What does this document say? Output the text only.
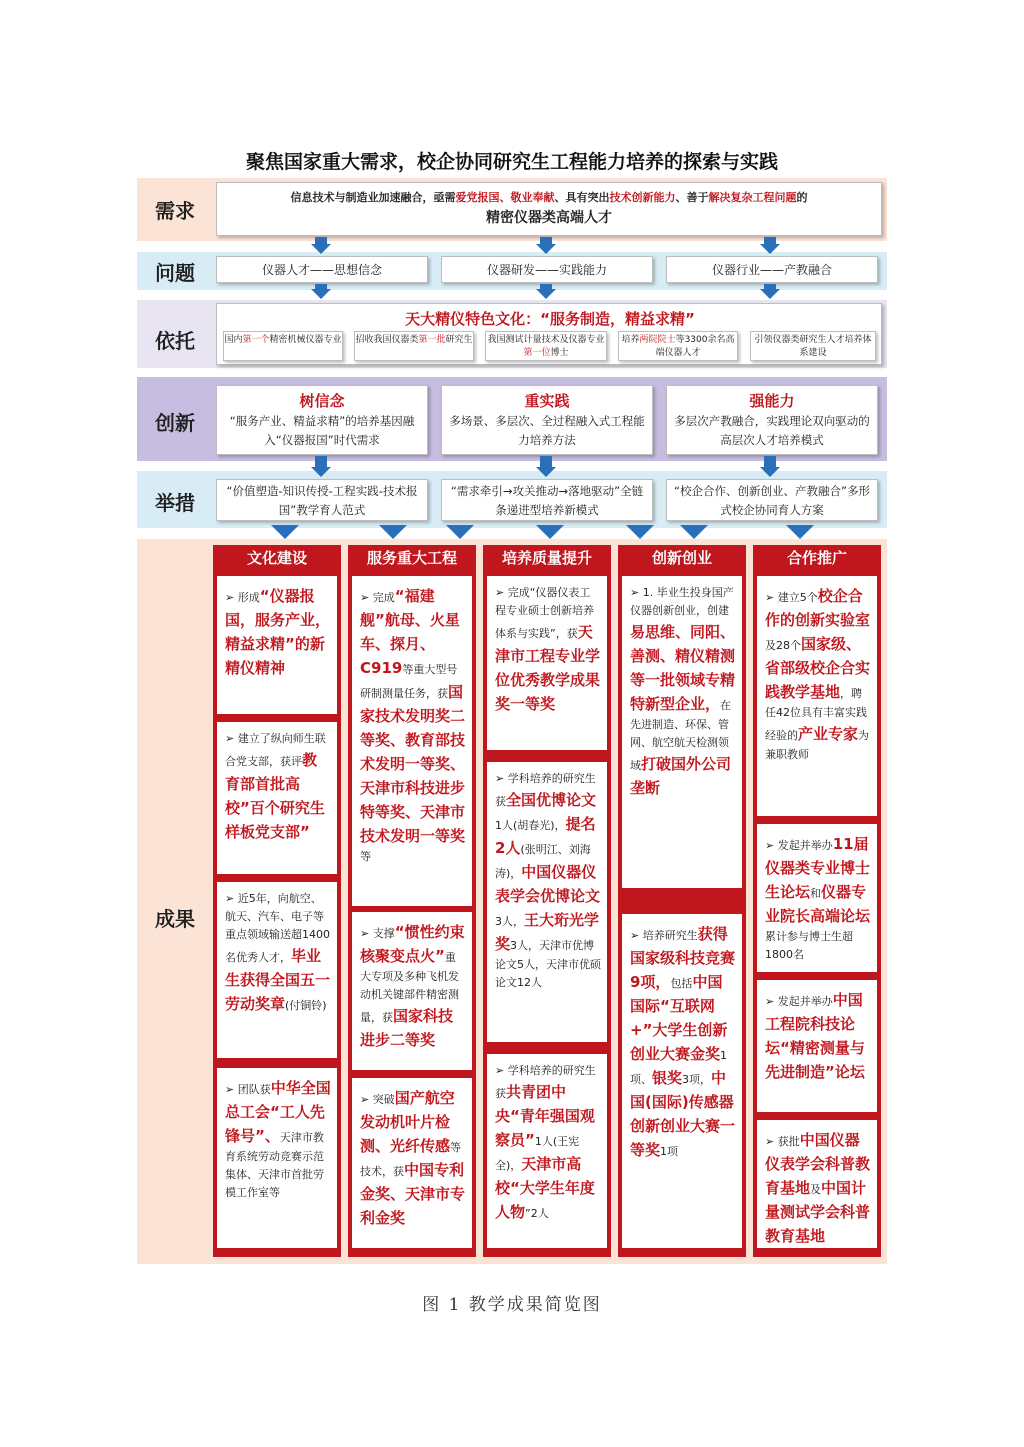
聚焦国家重大需求，校企协同研究生工程能力培养的探索与实践
需求
问题
依托
创新
举措
成果
信息技术与制造业加速融合，亟需爱党报国、敬业奉献、具有突出技术创新能力、善于解决复杂工程问题的
精密仪器类高端人才
仪器人才——思想信念	仪器研发——实践能力	仪器行业——产教融合
天大精仪特色文化：“服务制造，精益求精”
国内第一个精密机械仪器专业 招收我国仪器类第一批研究生 我国测试计量技术及仪器专业第一位博士
培养两院院士等3300余名高端仪器人才
引领仪器类研究生人才培养体系建设
树信念
“服务产业、精益求精”的培养基因融入“仪器报国”时代需求
重实践
多场景、多层次、全过程融入式工程能力培养方法
强能力
多层次产教融合，实践理论双向驱动的高层次人才培养模式
“价值塑造-知识传授-工程实践-技术报国”教学育人范式
“需求牵引→攻关推动→落地驱动”全链条递进型培养新模式
“校企合作、创新创业、产教融合”多形式校企协同育人方案
文化建设	服务重大工程	培养质量提升	创新创业	合作推广
➢ 形成“仪器报国，服务产业，精益求精”的新精仪精神
➢ 建立了纵向师生联合党支部，获评教育部首批高校”百个研究生样板党支部”
➢ 近5年，向航空、航天、汽车、电子等重点领域输送超1400名优秀人才，毕业生获得全国五一劳动奖章(付铜铃)
➢ 团队获中华全国总工会“工人先锋号”、天津市教育系统劳动竞赛示范集体、天津市首批劳模工作室等
➢ 完成“福建舰”航母、火星车、探月、C919等重大型号研制测量任务，获国家技术发明奖二等奖、教育部技术发明一等奖、天津市科技进步特等奖、天津市技术发明一等奖等
➢ 支撑“惯性约束核聚变点火”重大专项及多种飞机发动机关键部件精密测量，获国家科技进步二等奖
➢ 突破国产航空发动机叶片检测、光纤传感等技术，获中国专利金奖、天津市专利金奖
➢ 完成“仪器仪表工程专业硕士创新培养体系与实践”，获天津市工程专业学位优秀教学成果奖一等奖
➢ 学科培养的研究生获全国优博论文1人(胡春光)，提名2人(张明江、刘海涛)，中国仪器仪表学会优博论文3人，王大珩光学奖3人，天津市优博论文5人，天津市优硕论文12人
➢ 学科培养的研究生获共青团中央“青年强国观察员”1人(王宪全)，天津市高校“大学生年度人物”2人
➢ 1. 毕业生投身国产仪器创新创业，创建易思维、同阳、善测、精仪精测等一批领域专精特新型企业，在先进制造、环保、管网、航空航天检测领域打破国外公司垄断
➢ 培养研究生获得国家级科技竞赛9项，包括中国国际“互联网+”大学生创新创业大赛金奖1项、银奖3项，中国(国际)传感器创新创业大赛一等奖1项
➢ 建立5个校企合作的创新实验室及28个国家级、省部级校企合实践教学基地，聘任42位具有丰富实践经验的产业专家为兼职教师
➢ 发起并举办11届仪器类专业博士生论坛和仪器专业院长高端论坛累计参与博士生超1800名
➢ 发起并举办中国工程院科技论坛“精密测量与先进制造”论坛
➢ 获批中国仪器仪表学会科普教育基地及中国计量测试学会科普教育基地
图 1 教学成果简览图
